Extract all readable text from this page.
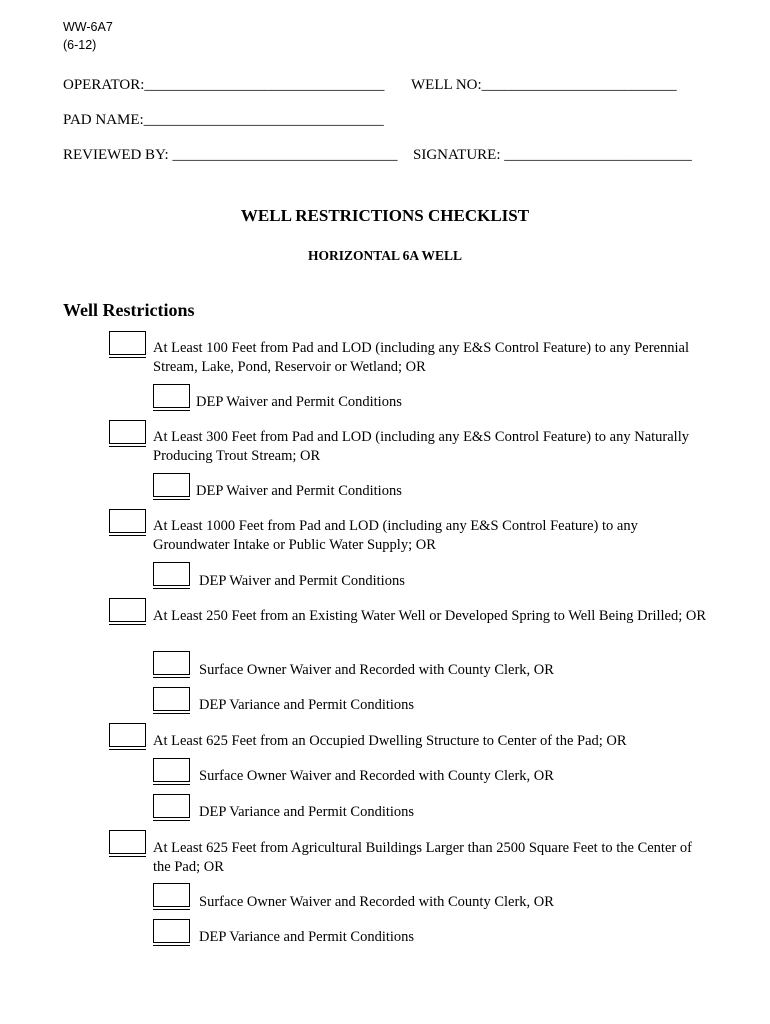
WW-6A7
(6-12)
OPERATOR:________________________________ WELL NO:__________________________
PAD NAME:________________________________
REVIEWED BY: ______________________________ SIGNATURE: _________________________
WELL RESTRICTIONS CHECKLIST
HORIZONTAL 6A WELL
Well Restrictions
At Least 100 Feet from Pad and LOD (including any E&S Control Feature) to any Perennial Stream, Lake, Pond, Reservoir or Wetland; OR
DEP Waiver and Permit Conditions
At Least 300 Feet from Pad and LOD (including any E&S Control Feature) to any Naturally Producing Trout Stream; OR
DEP Waiver and Permit Conditions
At Least 1000 Feet from Pad and LOD (including any E&S Control Feature) to any Groundwater Intake or Public Water Supply; OR
DEP Waiver and Permit Conditions
At Least 250 Feet from an Existing Water Well or Developed Spring to Well Being Drilled; OR
Surface Owner Waiver and Recorded with County Clerk, OR
DEP Variance and Permit Conditions
At Least 625 Feet from an Occupied Dwelling Structure to Center of the Pad; OR
Surface Owner Waiver and Recorded with County Clerk, OR
DEP Variance and Permit Conditions
At Least 625 Feet from Agricultural Buildings Larger than 2500 Square Feet to the Center of the Pad; OR
Surface Owner Waiver and Recorded with County Clerk, OR
DEP Variance and Permit Conditions
